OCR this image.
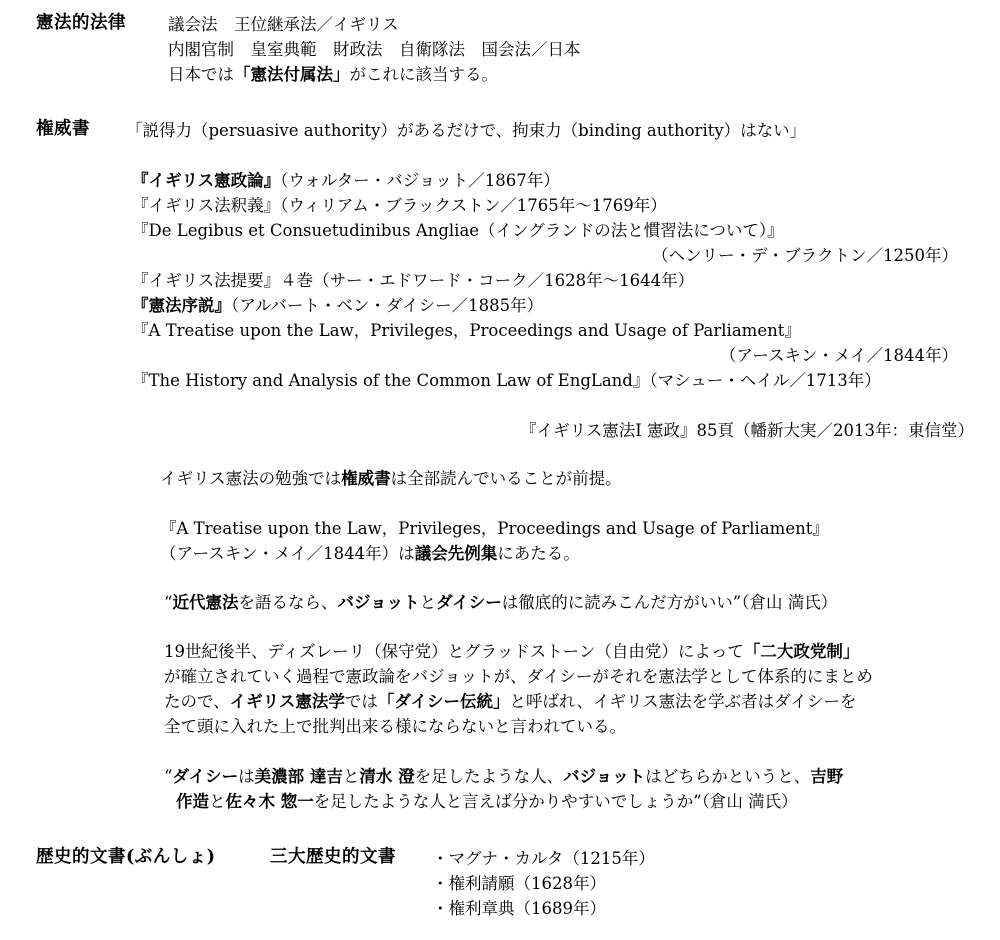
憲法的法律	議会法　王位継承法／イギリス
内閣官制　皇室典範　財政法　自衛隊法　国会法／日本
日本では「憲法付属法」がこれに該当する。
権威書 「説得力（persuasive authority）があるだけで、拘束力（binding authority）はない」
『イギリス憲政論』（ウォルター・バジョット／1867年）
『イギリス法釈義』（ウィリアム・ブラックストン／1765年～1769年）
『De Legibus et Consuetudinibus Angliae（イングランドの法と慣習法について）』
（ヘンリー・デ・ブラクトン／1250年）
『イギリス法提要』４巻（サー・エドワード・コーク／1628年～1644年）
『憲法序説』（アルバート・ベン・ダイシー／1885年）
『A Treatise upon the Law，Privileges，Proceedings and Usage of Parliament』
（アースキン・メイ／1844年）
『The History and Analysis of the Common Law of EngLand』（マシュー・ヘイル／1713年）
『イギリス憲法Ⅰ 憲政』85頁（幡新大実／2013年：東信堂）
イギリス憲法の勉強では権威書は全部読んでいることが前提。
『A Treatise upon the Law，Privileges，Proceedings and Usage of Parliament』
（アースキン・メイ／1844年）は議会先例集にあたる。
“近代憲法を語るなら、バジョットとダイシーは徹底的に読みこんだ方がいい”（倉山 満氏）
19世紀後半、ディズレーリ（保守党）とグラッドストーン（自由党）によって「二大政党制」
が確立されていく過程で憲政論をバジョットが、ダイシーがそれを憲法学として体系的にまとめ
たので、イギリス憲法学では「ダイシー伝統」と呼ばれ、イギリス憲法を学ぶ者はダイシーを
全て頭に入れた上で批判出来る様にならないと言われている。
“ダイシーは美濃部 達吉と清水 澄を足したような人、バジョットはどちらかというと、吉野
作造と佐々木 惣一を足したような人と言えば分かりやすいでしょうか”（倉山 満氏）
歴史的文書(ぶんしょ)	三大歴史的文書 ・マグナ・カルタ（1215年）
・権利請願（1628年）
・権利章典（1689年）
